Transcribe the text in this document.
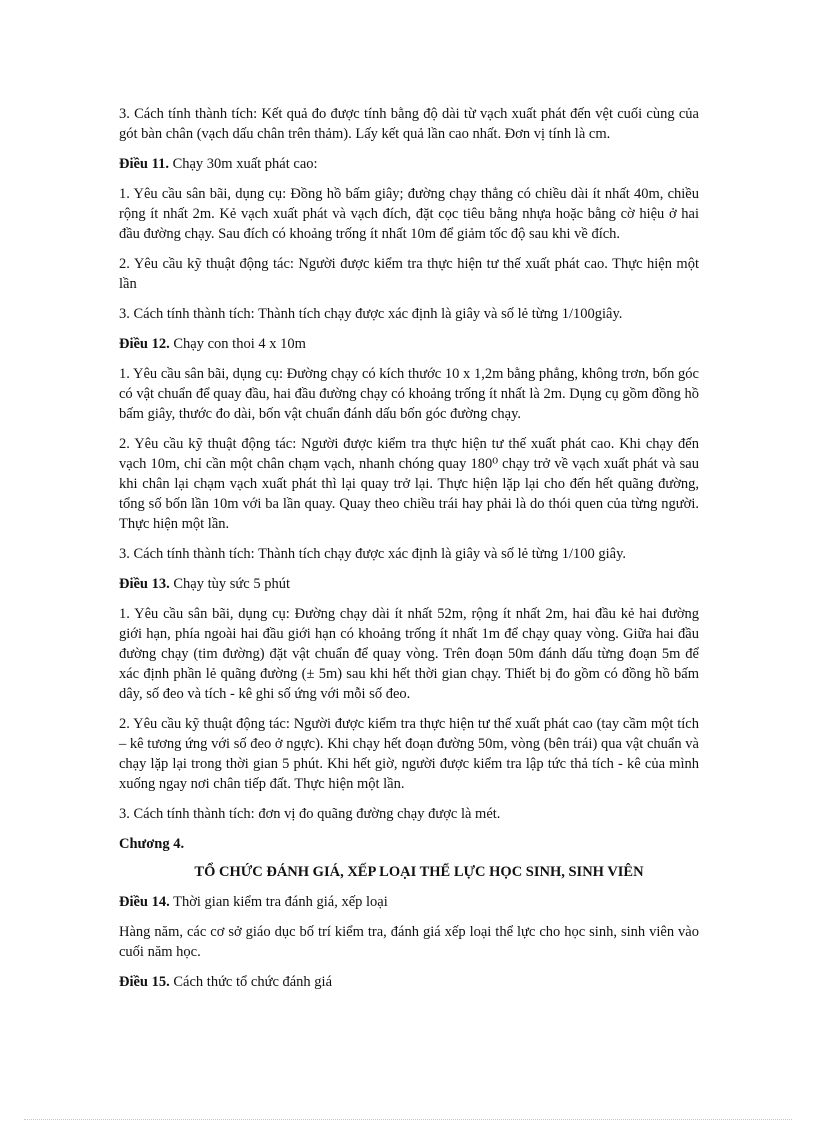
3. Cách tính thành tích: Kết quả đo được tính bằng độ dài từ vạch xuất phát đến vệt cuối cùng của gót bàn chân (vạch dấu chân trên thảm). Lấy kết quả lần cao nhất. Đơn vị tính là cm.

Điều 11. Chạy 30m xuất phát cao:

1. Yêu cầu sân bãi, dụng cụ: Đồng hồ bấm giây; đường chạy thẳng có chiều dài ít nhất 40m, chiều rộng ít nhất 2m. Kẻ vạch xuất phát và vạch đích, đặt cọc tiêu bằng nhựa hoặc bằng cờ hiệu ở hai đầu đường chạy. Sau đích có khoảng trống ít nhất 10m để giảm tốc độ sau khi về đích.

2. Yêu cầu kỹ thuật động tác: Người được kiểm tra thực hiện tư thế xuất phát cao. Thực hiện một lần

3. Cách tính thành tích: Thành tích chạy được xác định là giây và số lẻ từng 1/100giây.

Điều 12. Chạy con thoi 4 x 10m

1. Yêu cầu sân bãi, dụng cụ: Đường chạy có kích thước 10 x 1,2m bằng phẳng, không trơn, bốn góc có vật chuẩn để quay đầu, hai đầu đường chạy có khoảng trống ít nhất là 2m. Dụng cụ gồm đồng hồ bấm giây, thước đo dài, bốn vật chuẩn đánh dấu bốn góc đường chạy.

2. Yêu cầu kỹ thuật động tác: Người được kiểm tra thực hiện tư thế xuất phát cao. Khi chạy đến vạch 10m, chỉ cần một chân chạm vạch, nhanh chóng quay 180⁰ chạy trở về vạch xuất phát và sau khi chân lại chạm vạch xuất phát thì lại quay trở lại. Thực hiện lặp lại cho đến hết quãng đường, tổng số bốn lần 10m với ba lần quay. Quay theo chiều trái hay phải là do thói quen của từng người. Thực hiện một lần.

3. Cách tính thành tích: Thành tích chạy được xác định là giây và số lẻ từng 1/100 giây.

Điều 13. Chạy tùy sức 5 phút

1. Yêu cầu sân bãi, dụng cụ: Đường chạy dài ít nhất 52m, rộng ít nhất 2m, hai đầu kẻ hai đường giới hạn, phía ngoài hai đầu giới hạn có khoảng trống ít nhất 1m để chạy quay vòng. Giữa hai đầu đường chạy (tim đường) đặt vật chuẩn để quay vòng. Trên đoạn 50m đánh dấu từng đoạn 5m để xác định phần lẻ quãng đường (± 5m) sau khi hết thời gian chạy. Thiết bị đo gồm có đồng hồ bấm dây, số đeo và tích - kê ghi số ứng với mỗi số đeo.

2. Yêu cầu kỹ thuật động tác: Người được kiểm tra thực hiện tư thế xuất phát cao (tay cầm một tích – kê tương ứng với số đeo ở ngực). Khi chạy hết đoạn đường 50m, vòng (bên trái) qua vật chuẩn và chạy lặp lại trong thời gian 5 phút. Khi hết giờ, người được kiểm tra lập tức thả tích - kê của mình xuống ngay nơi chân tiếp đất. Thực hiện một lần.

3. Cách tính thành tích: đơn vị đo quãng đường chạy được là mét.

Chương 4.

TỔ CHỨC ĐÁNH GIÁ, XẾP LOẠI THỂ LỰC HỌC SINH, SINH VIÊN

Điều 14. Thời gian kiểm tra đánh giá, xếp loại

Hàng năm, các cơ sở giáo dục bố trí kiểm tra, đánh giá xếp loại thể lực cho học sinh, sinh viên vào cuối năm học.

Điều 15. Cách thức tổ chức đánh giá
